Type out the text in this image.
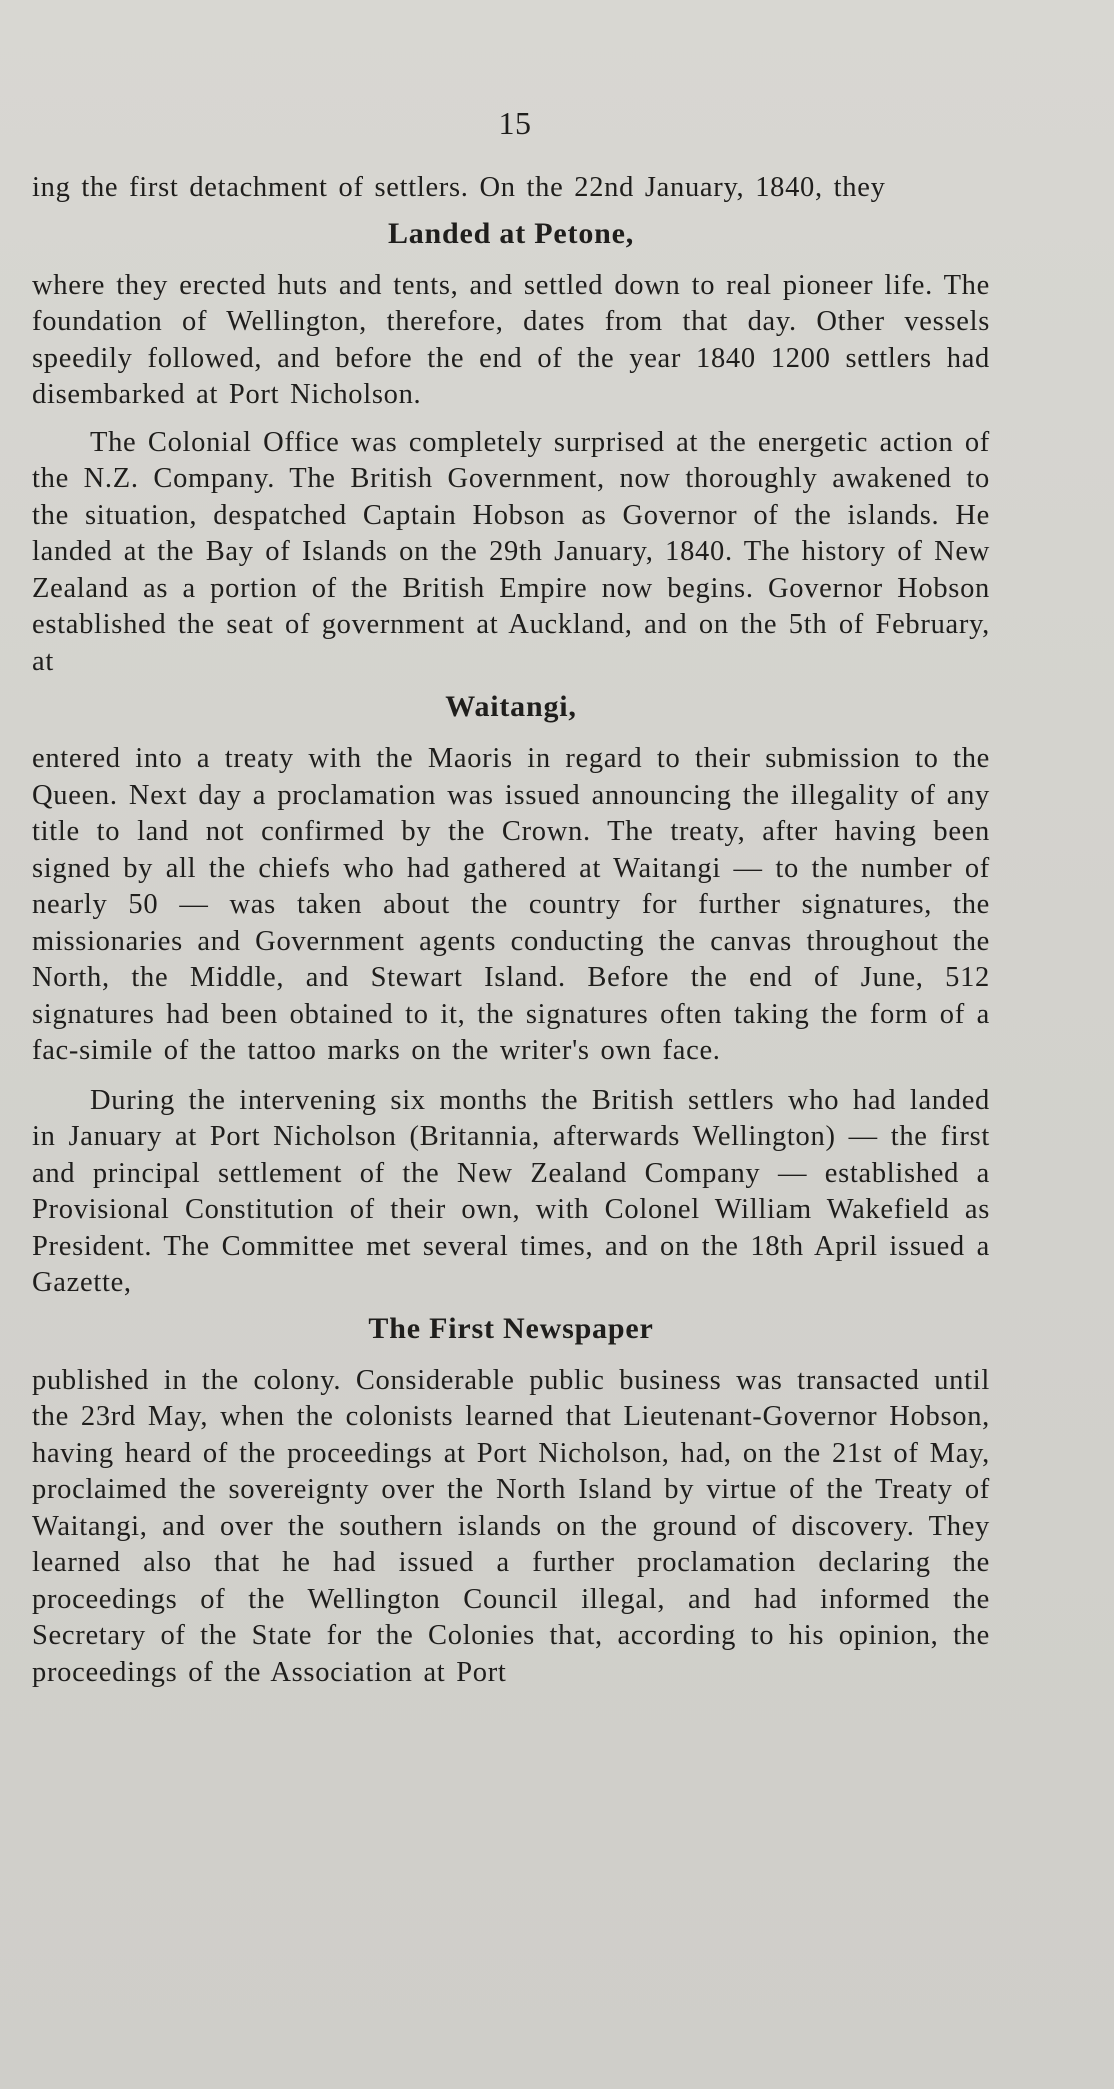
15

ing the first detachment of settlers. On the 22nd January, 1840, they

Landed at Petone,

where they erected huts and tents, and settled down to real pioneer life. The foundation of Wellington, therefore, dates from that day. Other vessels speedily followed, and before the end of the year 1840 1200 settlers had disembarked at Port Nicholson.

The Colonial Office was completely surprised at the energetic action of the N.Z. Company. The British Government, now thoroughly awakened to the situation, despatched Captain Hobson as Governor of the islands. He landed at the Bay of Islands on the 29th January, 1840. The history of New Zealand as a portion of the British Empire now begins. Governor Hobson established the seat of government at Auckland, and on the 5th of February, at

Waitangi,

entered into a treaty with the Maoris in regard to their submission to the Queen. Next day a proclamation was issued announcing the illegality of any title to land not confirmed by the Crown. The treaty, after having been signed by all the chiefs who had gathered at Waitangi — to the number of nearly 50 — was taken about the country for further signatures, the missionaries and Government agents conducting the canvas throughout the North, the Middle, and Stewart Island. Before the end of June, 512 signatures had been obtained to it, the signatures often taking the form of a fac-simile of the tattoo marks on the writer's own face.

During the intervening six months the British settlers who had landed in January at Port Nicholson (Britannia, afterwards Wellington) — the first and principal settlement of the New Zealand Company — established a Provisional Constitution of their own, with Colonel William Wakefield as President. The Committee met several times, and on the 18th April issued a Gazette,

The First Newspaper

published in the colony. Considerable public business was transacted until the 23rd May, when the colonists learned that Lieutenant-Governor Hobson, having heard of the proceedings at Port Nicholson, had, on the 21st of May, proclaimed the sovereignty over the North Island by virtue of the Treaty of Waitangi, and over the southern islands on the ground of discovery. They learned also that he had issued a further proclamation declaring the proceedings of the Wellington Council illegal, and had informed the Secretary of the State for the Colonies that, according to his opinion, the proceedings of the Association at Port
